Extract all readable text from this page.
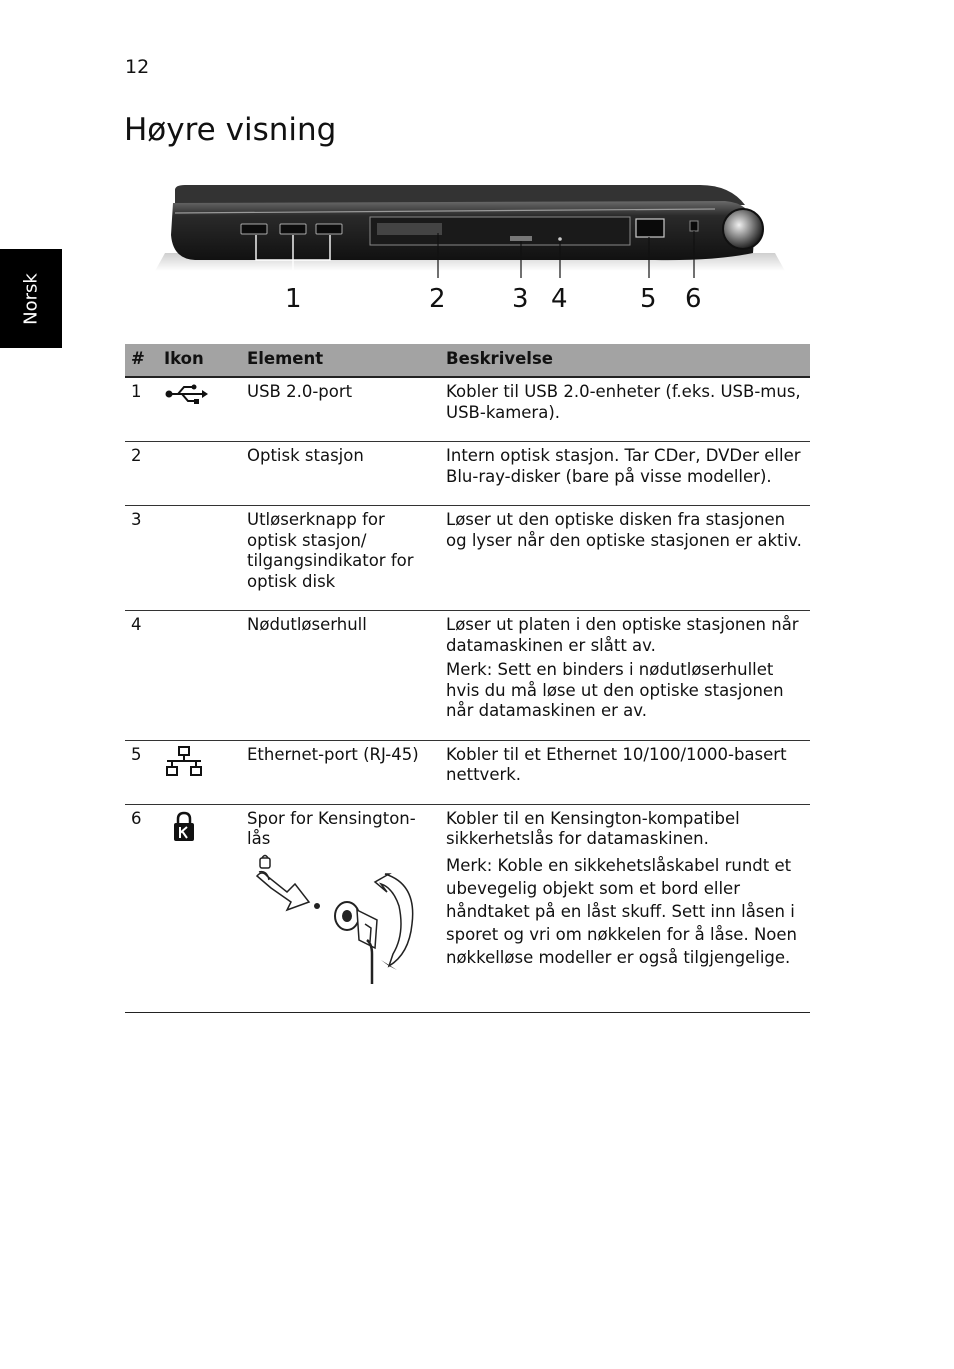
12
Høyre visning
Norsk	1	2	3 4	5 6
#	Ikon	Element	Beskrivelse
1		USB 2.0-port	Kobler til USB 2.0-enheter (f.eks. USB-mus, USB-kamera).
2		Optisk stasjon	Intern optisk stasjon. Tar CDer, DVDer eller Blu-ray-disker (bare på visse modeller).
3		Utløserknapp for optisk stasjon/ tilgangsindikator for optisk disk	Løser ut den optiske disken fra stasjonen og lyser når den optiske stasjonen er aktiv.
4		Nødutløserhull	Løser ut platen i den optiske stasjonen når datamaskinen er slått av.
Merk: Sett en binders i nødutløserhullet hvis du må løse ut den optiske stasjonen når datamaskinen er av.

5		Ethernet-port (RJ-45)	Kobler til et Ethernet 10/100/1000-basert nettverk.
6		Spor for Kensington-lås	Kobler til en Kensington-kompatibel sikkerhetslås for datamaskinen.
Merk: Koble en sikkehetslåskabel rundt et ubevegelig objekt som et bord eller håndtaket på en låst skuff. Sett inn låsen i sporet og vri om nøkkelen for å låse. Noen nøkkelløse modeller er også tilgjengelige.
